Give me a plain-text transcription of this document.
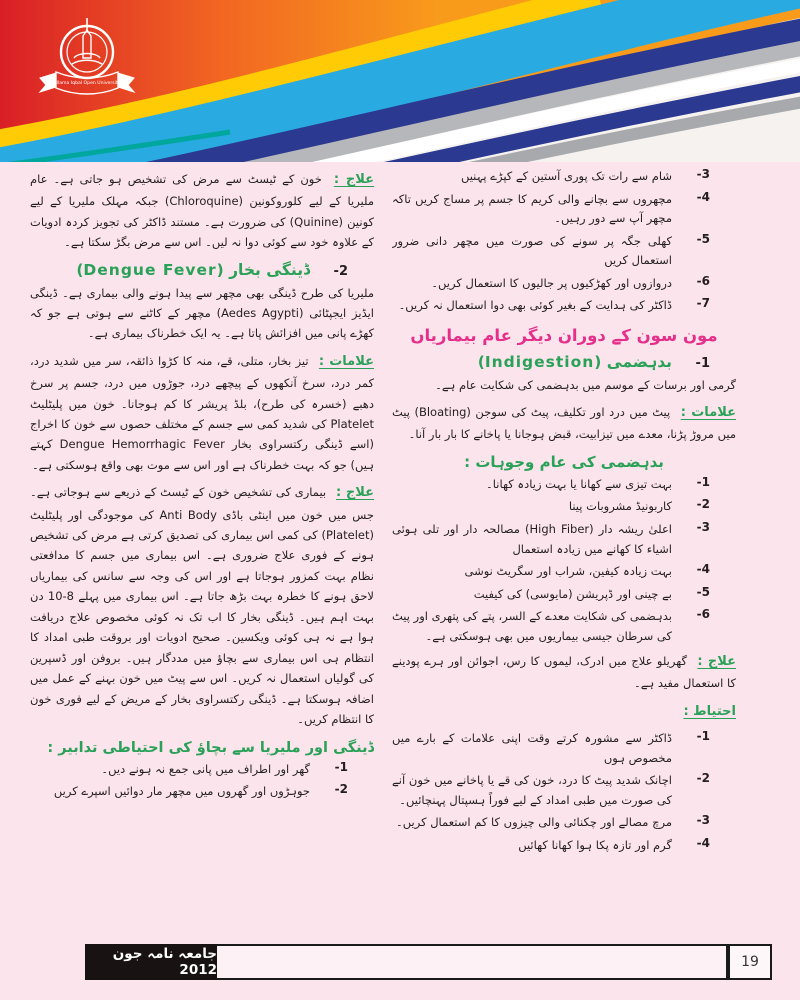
Allama Iqbal Open University

علاج : خون کے ٹیسٹ سے مرض کی تشخیص ہو جاتی ہے۔ عام ملیریا کے لیے کلوروکونین (Chloroquine) جبکہ مہلک ملیریا کے لیے کونین (Quinine) کی ضرورت ہے۔ مستند ڈاکٹر کی تجویز کردہ ادویات کے علاوہ خود سے کوئی دوا نہ لیں۔ اس سے مرض بگڑ سکتا ہے۔

-2
ڈینگی بخار (Dengue Fever)

ملیریا کی طرح ڈینگی بھی مچھر سے پیدا ہونے والی بیماری ہے۔ ڈینگی ایڈیز ایجپٹائی (Aedes Agypti) مچھر کے کاٹنے سے ہوتی ہے جو کہ کھڑے پانی میں افزائش پاتا ہے۔ یہ ایک خطرناک بیماری ہے۔

علامات : تیز بخار، متلی، قے، منہ کا کڑوا ذائقہ، سر میں شدید درد، کمر درد، سرخ آنکھوں کے پیچھے درد، جوڑوں میں درد، جسم پر سرخ دھبے (خسرہ کی طرح)، بلڈ پریشر کا کم ہوجانا۔ خون میں پلیٹلیٹ Platelet کی شدید کمی سے جسم کے مختلف حصوں سے خون کا اخراج (اسے ڈینگی رکتسراوی بخار Dengue Hemorrhagic Fever کہتے ہیں) جو کہ بہت خطرناک ہے اور اس سے موت بھی واقع ہوسکتی ہے۔

علاج : بیماری کی تشخیص خون کے ٹیسٹ کے ذریعے سے ہوجاتی ہے۔ جس میں خون میں اینٹی باڈی Anti Body کی موجودگی اور پلیٹلیٹ (Platelet) کی کمی اس بیماری کی تصدیق کرتی ہے مرض کی تشخیص ہونے کے فوری علاج ضروری ہے۔ اس بیماری میں جسم کا مدافعتی نظام بہت کمزور ہوجاتا ہے اور اس کی وجہ سے سانس کی بیماریاں لاحق ہونے کا خطرہ بہت بڑھ جاتا ہے۔ اس بیماری میں پہلے 8-10 دن بہت اہم ہیں۔ ڈینگی بخار کا اب تک نہ کوئی مخصوص علاج دریافت ہوا ہے نہ ہی کوئی ویکسین۔ صحیح ادویات اور بروقت طبی امداد کا انتظام ہی اس بیماری سے بچاؤ میں مددگار ہیں۔ بروفن اور ڈسپرین کی گولیاں استعمال نہ کریں۔ اس سے پیٹ میں خون بہنے کے عمل میں اضافہ ہوسکتا ہے۔ ڈینگی رکتسراوی بخار کے مریض کے لیے فوری خون کا انتظام کریں۔

ڈینگی اور ملیریا سے بچاؤ کی احتیاطی تدابیر :
-1
گھر اور اطراف میں پانی جمع نہ ہونے دیں۔
-2
جوہڑوں اور گھروں میں مچھر مار دوائیں اسپرے کریں
-3
شام سے رات تک پوری آستین کے کپڑے پہنیں
-4
مچھروں سے بچانے والی کریم کا جسم پر مساج کریں تاکہ مچھر آپ سے دور رہیں۔
-5
کھلی جگہ پر سونے کی صورت میں مچھر دانی ضرور استعمال کریں
-6
دروازوں اور کھڑکیوں پر جالیوں کا استعمال کریں۔
-7
ڈاکٹر کی ہدایت کے بغیر کوئی بھی دوا استعمال نہ کریں۔
مون سون کے دوران دیگر عام بیماریاں
-1
بدہضمی (Indigestion)

گرمی اور برسات کے موسم میں بدہضمی کی شکایت عام ہے۔

علامات : پیٹ میں درد اور تکلیف، پیٹ کی سوجن (Bloating) پیٹ میں مروڑ پڑنا، معدے میں تیزابیت، قبض ہوجانا یا پاخانے کا بار بار آنا۔

بدہضمی کی عام وجوہات :
-1
بہت تیزی سے کھانا یا بہت زیادہ کھانا۔
-2
کاربونیڈ مشروبات پینا
-3
اعلیٰ ریشہ دار (High Fiber) مصالحہ دار اور تلی ہوئی اشیاء کا کھانے میں زیادہ استعمال
-4
بہت زیادہ کیفین، شراب اور سگریٹ نوشی
-5
بے چینی اور ڈپریشن (مایوسی) کی کیفیت
-6
بدہضمی کی شکایت معدے کے السر، پتے کی پتھری اور پیٹ کی سرطان جیسی بیماریوں میں بھی ہوسکتی ہے۔

علاج : گھریلو علاج میں ادرک، لیموں کا رس، اجوائن اور ہرے پودینے کا استعمال مفید ہے۔

احتیاط :

-1
ڈاکٹر سے مشورہ کرتے وقت اپنی علامات کے بارے میں مخصوص ہوں
-2
اچانک شدید پیٹ کا درد، خون کی قے یا پاخانے میں خون آنے کی صورت میں طبی امداد کے لیے فوراً ہسپتال پہنچائیں۔
-3
مرچ مصالے اور چکنائی والی چیزوں کا کم استعمال کریں۔
-4
گرم اور تازہ پکا ہوا کھانا کھائیں
جامعہ نامہ جون 2012	19
